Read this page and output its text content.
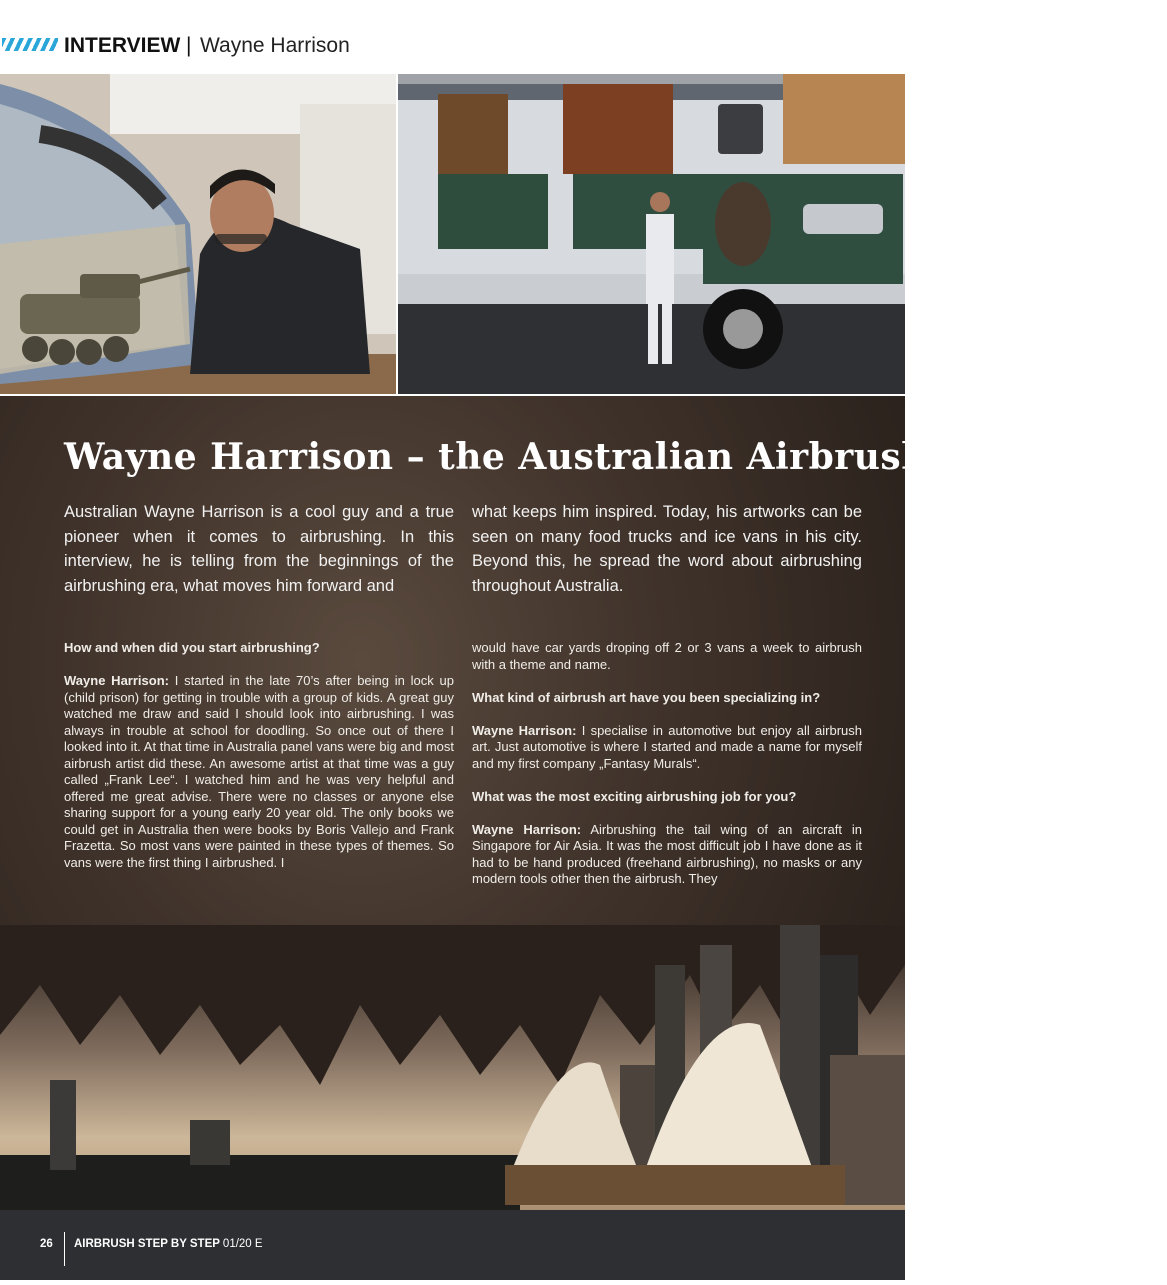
INTERVIEW | Wayne Harrison
Wayne Harrison – the Australian Airbrushing Pioneer
Australian Wayne Harrison is a cool guy and a true pioneer when it comes to airbrushing. In this interview, he is telling from the beginnings of the airbrushing era, what moves him forward and
what keeps him inspired. Today, his artworks can be seen on many food trucks and ice vans in his city. Beyond this, he spread the word about airbrushing throughout Australia.

How and when did you start airbrushing?

Wayne Harrison: I started in the late 70’s after being in lock up (child prison) for getting in trouble with a group of kids. A great guy watched me draw and said I should look into airbrushing. I was always in trouble at school for doodling. So once out of there I looked into it. At that time in Australia panel vans were big and most airbrush artist did these. An awesome artist at that time was a guy called „Frank Lee“. I watched him and he was very helpful and offered me great advise. There were no classes or anyone else sharing support for a young early 20 year old. The only books we could get in Australia then were books by Boris Vallejo and Frank Frazetta. So most vans were painted in these types of themes. So vans were the first thing I airbrushed. I

would have car yards droping off 2 or 3 vans a week to airbrush with a theme and name.

What kind of airbrush art have you been specializing in?

Wayne Harrison: I specialise in automotive but enjoy all airbrush art. Just automotive is where I started and made a name for myself and my first company „Fantasy Murals“.

What was the most exciting airbrushing job for you?

Wayne Harrison: Airbrushing the tail wing of an aircraft in Singapore for Air Asia. It was the most difficult job I have done as it had to be hand produced (freehand airbrushing), no masks or any modern tools other then the airbrush. They

26 AIRBRUSH STEP BY STEP 01/20 E
